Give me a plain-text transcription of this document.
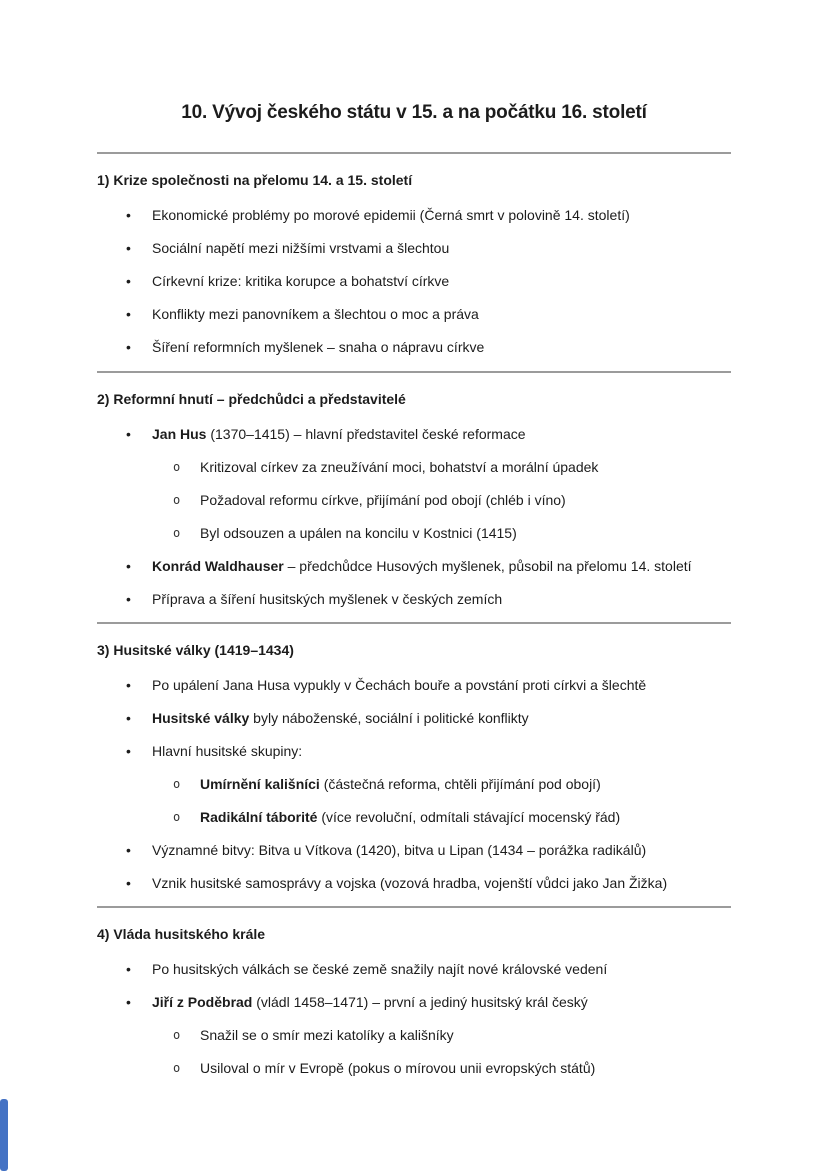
10. Vývoj českého státu v 15. a na počátku 16. století
1) Krize společnosti na přelomu 14. a 15. století
•
Ekonomické problémy po morové epidemii (Černá smrt v polovině 14. století)
•
Sociální napětí mezi nižšími vrstvami a šlechtou
•
Církevní krize: kritika korupce a bohatství církve
•
Konflikty mezi panovníkem a šlechtou o moc a práva
•
Šíření reformních myšlenek – snaha o nápravu církve
2) Reformní hnutí – předchůdci a představitelé
•
Jan Hus (1370–1415) – hlavní představitel české reformace
o
Kritizoval církev za zneužívání moci, bohatství a morální úpadek
o
Požadoval reformu církve, přijímání pod obojí (chléb i víno)
o
Byl odsouzen a upálen na koncilu v Kostnici (1415)
•
Konrád Waldhauser – předchůdce Husových myšlenek, působil na přelomu 14. století
•
Příprava a šíření husitských myšlenek v českých zemích
3) Husitské války (1419–1434)
•
Po upálení Jana Husa vypukly v Čechách bouře a povstání proti církvi a šlechtě
•
Husitské války byly náboženské, sociální i politické konflikty
•
Hlavní husitské skupiny:
o
Umírnění kališníci (částečná reforma, chtěli přijímání pod obojí)
o
Radikální táborité (více revoluční, odmítali stávající mocenský řád)
•
Významné bitvy: Bitva u Vítkova (1420), bitva u Lipan (1434 – porážka radikálů)
•
Vznik husitské samosprávy a vojska (vozová hradba, vojenští vůdci jako Jan Žižka)
4) Vláda husitského krále
•
Po husitských válkách se české země snažily najít nové královské vedení
•
Jiří z Poděbrad (vládl 1458–1471) – první a jediný husitský král český
o
Snažil se o smír mezi katolíky a kališníky
o
Usiloval o mír v Evropě (pokus o mírovou unii evropských států)
